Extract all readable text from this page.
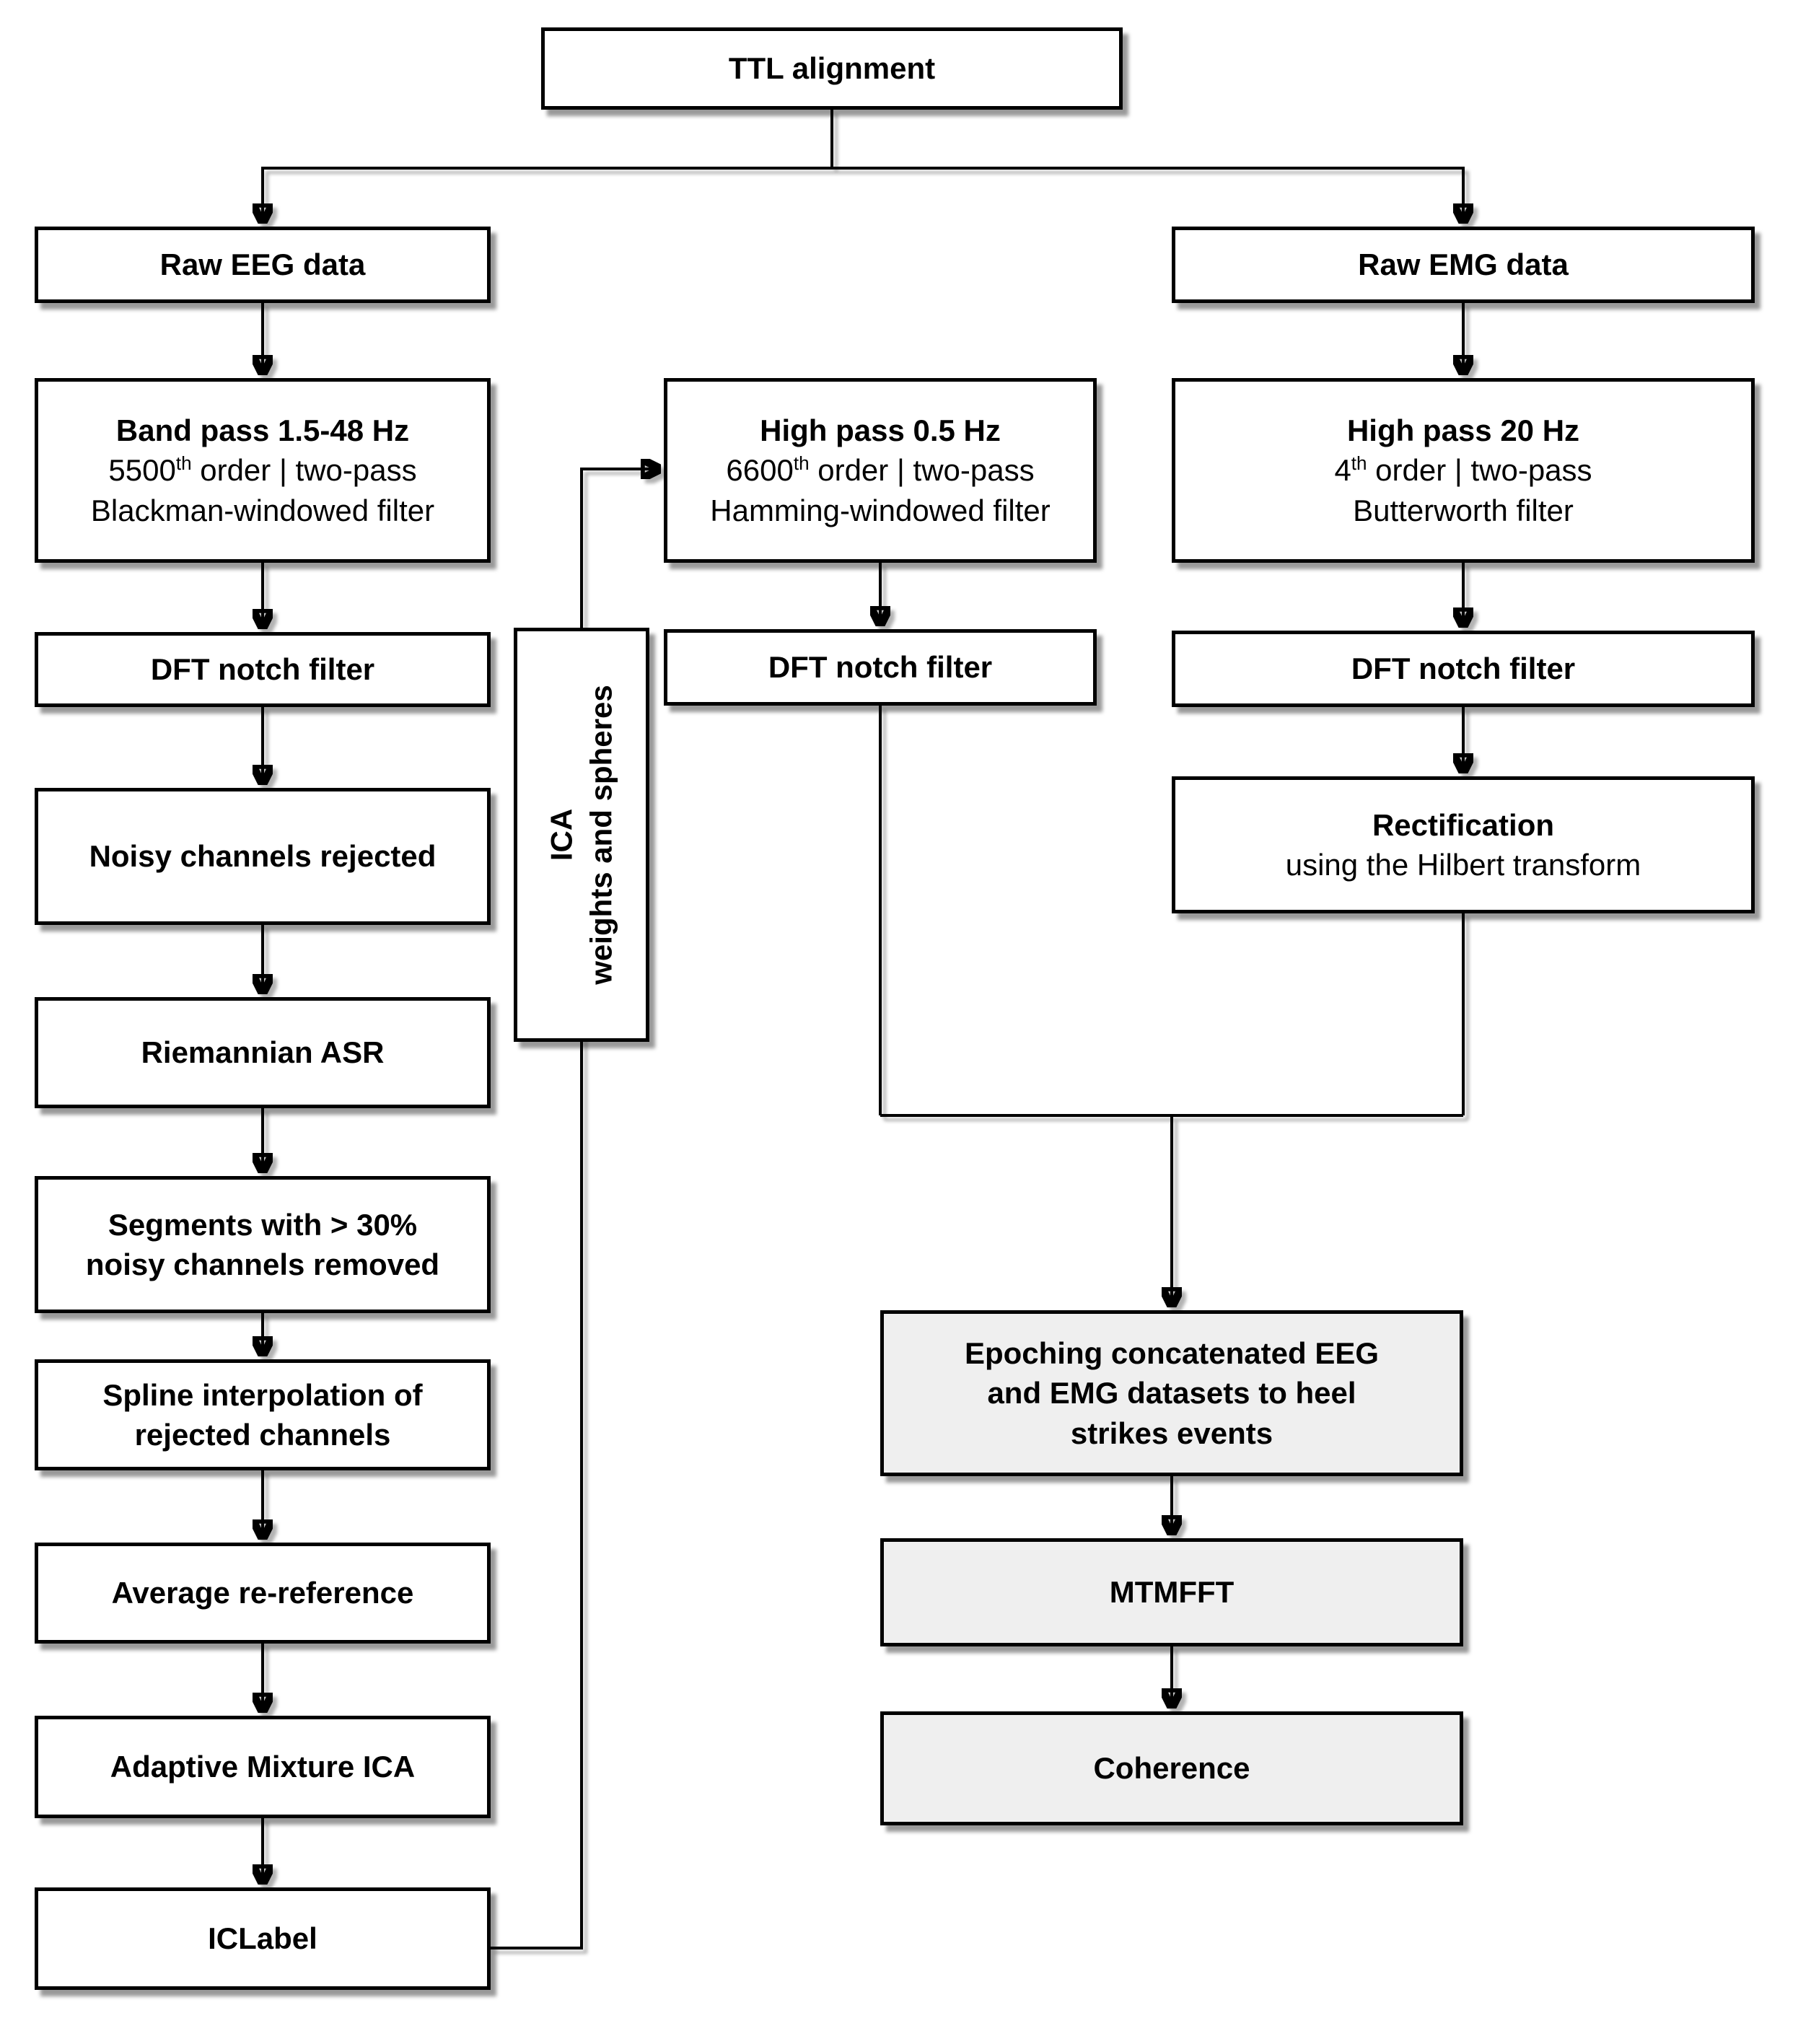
TTL alignment
Raw EEG data
Band pass 1.5-48 Hz
5500th order | two-pass
Blackman-windowed filter
DFT notch filter
Noisy channels rejected
Riemannian ASR
Segments with > 30%
noisy channels removed
Spline interpolation of
rejected channels
Average re-reference
Adaptive Mixture ICA
ICLabel
ICA weights and spheres
High pass 0.5 Hz
6600th order | two-pass
Hamming-windowed filter
DFT notch filter
Raw EMG data
High pass 20 Hz
4th order | two-pass
Butterworth filter
DFT notch filter
Rectification
using the Hilbert transform
Epoching concatenated EEG
and EMG datasets to heel
strikes events
MTMFFT
Coherence
